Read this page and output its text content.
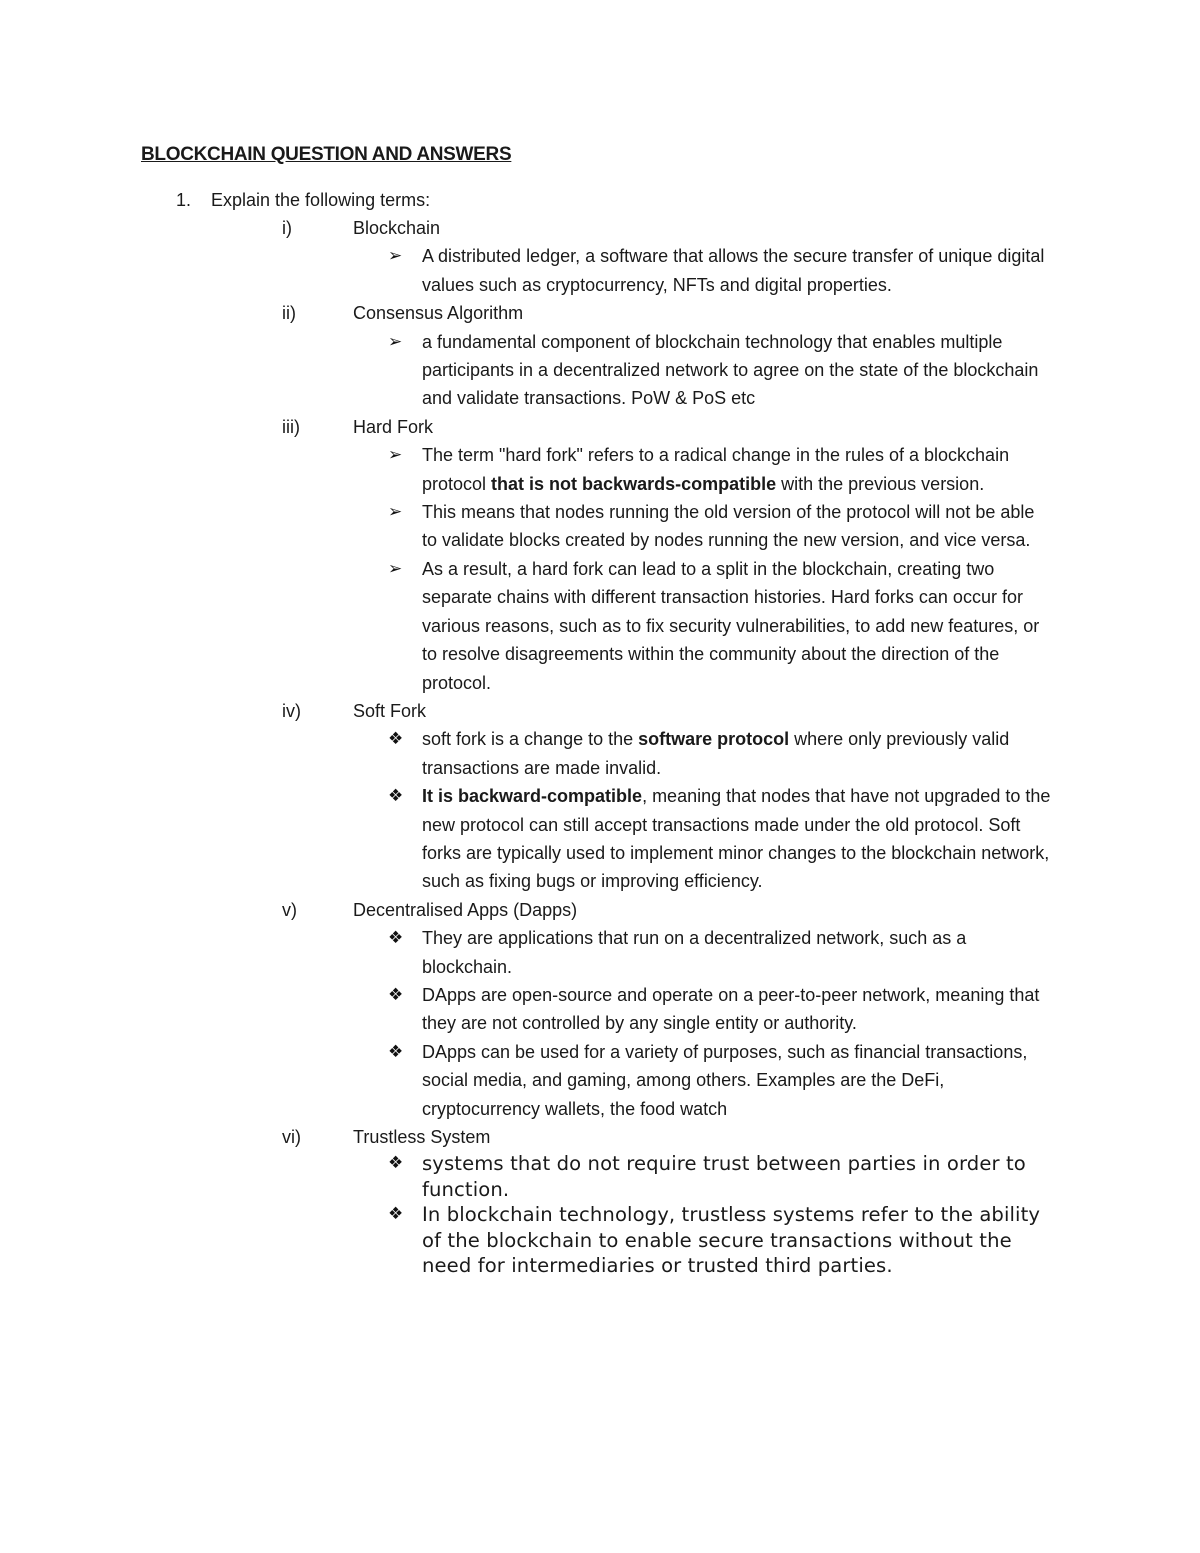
BLOCKCHAIN QUESTION AND ANSWERS
1. Explain the following terms:
i)	Blockchain
➢	A distributed ledger, a software that allows the secure transfer of unique digital values such as cryptocurrency, NFTs and digital properties.
ii)	Consensus Algorithm
➢	a fundamental component of blockchain technology that enables multiple participants in a decentralized network to agree on the state of the blockchain and validate transactions. PoW & PoS etc
iii)	Hard Fork
➢	The term "hard fork" refers to a radical change in the rules of a blockchain protocol that is not backwards-compatible with the previous version.
➢	This means that nodes running the old version of the protocol will not be able to validate blocks created by nodes running the new version, and vice versa.
➢	As a result, a hard fork can lead to a split in the blockchain, creating two separate chains with different transaction histories. Hard forks can occur for various reasons, such as to fix security vulnerabilities, to add new features, or to resolve disagreements within the community about the direction of the protocol.
iv)	Soft Fork
❖	soft fork is a change to the software protocol where only previously valid transactions are made invalid.
❖	It is backward-compatible, meaning that nodes that have not upgraded to the new protocol can still accept transactions made under the old protocol. Soft forks are typically used to implement minor changes to the blockchain network, such as fixing bugs or improving efficiency.
v)	Decentralised Apps (Dapps)
❖	They are applications that run on a decentralized network, such as a blockchain.
❖	DApps are open-source and operate on a peer-to-peer network, meaning that they are not controlled by any single entity or authority.
❖	DApps can be used for a variety of purposes, such as financial transactions, social media, and gaming, among others. Examples are the DeFi, cryptocurrency wallets, the food watch
vi)	Trustless System
❖ systems that do not require trust between parties in order to function.
❖ In blockchain technology, trustless systems refer to the ability of the blockchain to enable secure transactions without the need for intermediaries or trusted third parties.
